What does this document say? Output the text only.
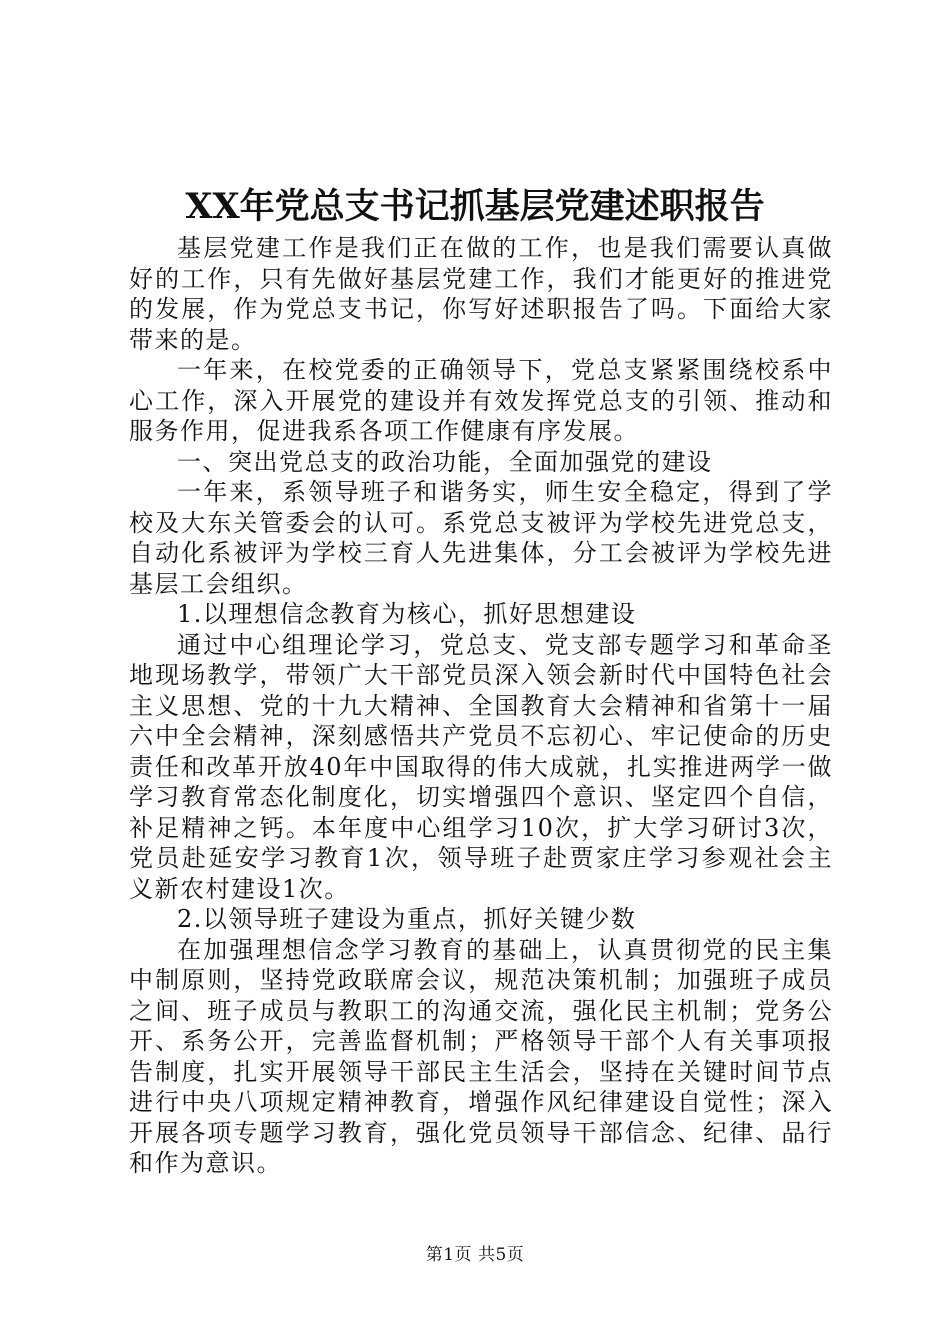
XX年党总支书记抓基层党建述职报告

基层党建工作是我们正在做的工作，也是我们需要认真做好的工作，只有先做好基层党建工作，我们才能更好的推进党的发展，作为党总支书记，你写好述职报告了吗。下面给大家带来的是。

一年来，在校党委的正确领导下，党总支紧紧围绕校系中心工作，深入开展党的建设并有效发挥党总支的引领、推动和服务作用，促进我系各项工作健康有序发展。

一、突出党总支的政治功能，全面加强党的建设

一年来，系领导班子和谐务实，师生安全稳定，得到了学校及大东关管委会的认可。系党总支被评为学校先进党总支，自动化系被评为学校三育人先进集体，分工会被评为学校先进基层工会组织。

1.以理想信念教育为核心，抓好思想建设

通过中心组理论学习，党总支、党支部专题学习和革命圣地现场教学，带领广大干部党员深入领会新时代中国特色社会主义思想、党的十九大精神、全国教育大会精神和省第十一届六中全会精神，深刻感悟共产党员不忘初心、牢记使命的历史责任和改革开放40年中国取得的伟大成就，扎实推进两学一做学习教育常态化制度化，切实增强四个意识、坚定四个自信，补足精神之钙。本年度中心组学习10次，扩大学习研讨3次，党员赴延安学习教育1次，领导班子赴贾家庄学习参观社会主义新农村建设1次。

2.以领导班子建设为重点，抓好关键少数

在加强理想信念学习教育的基础上，认真贯彻党的民主集中制原则，坚持党政联席会议，规范决策机制；加强班子成员之间、班子成员与教职工的沟通交流，强化民主机制；党务公开、系务公开，完善监督机制；严格领导干部个人有关事项报告制度，扎实开展领导干部民主生活会，坚持在关键时间节点进行中央八项规定精神教育，增强作风纪律建设自觉性；深入开展各项专题学习教育，强化党员领导干部信念、纪律、品行和作为意识。

第1页 共5页
